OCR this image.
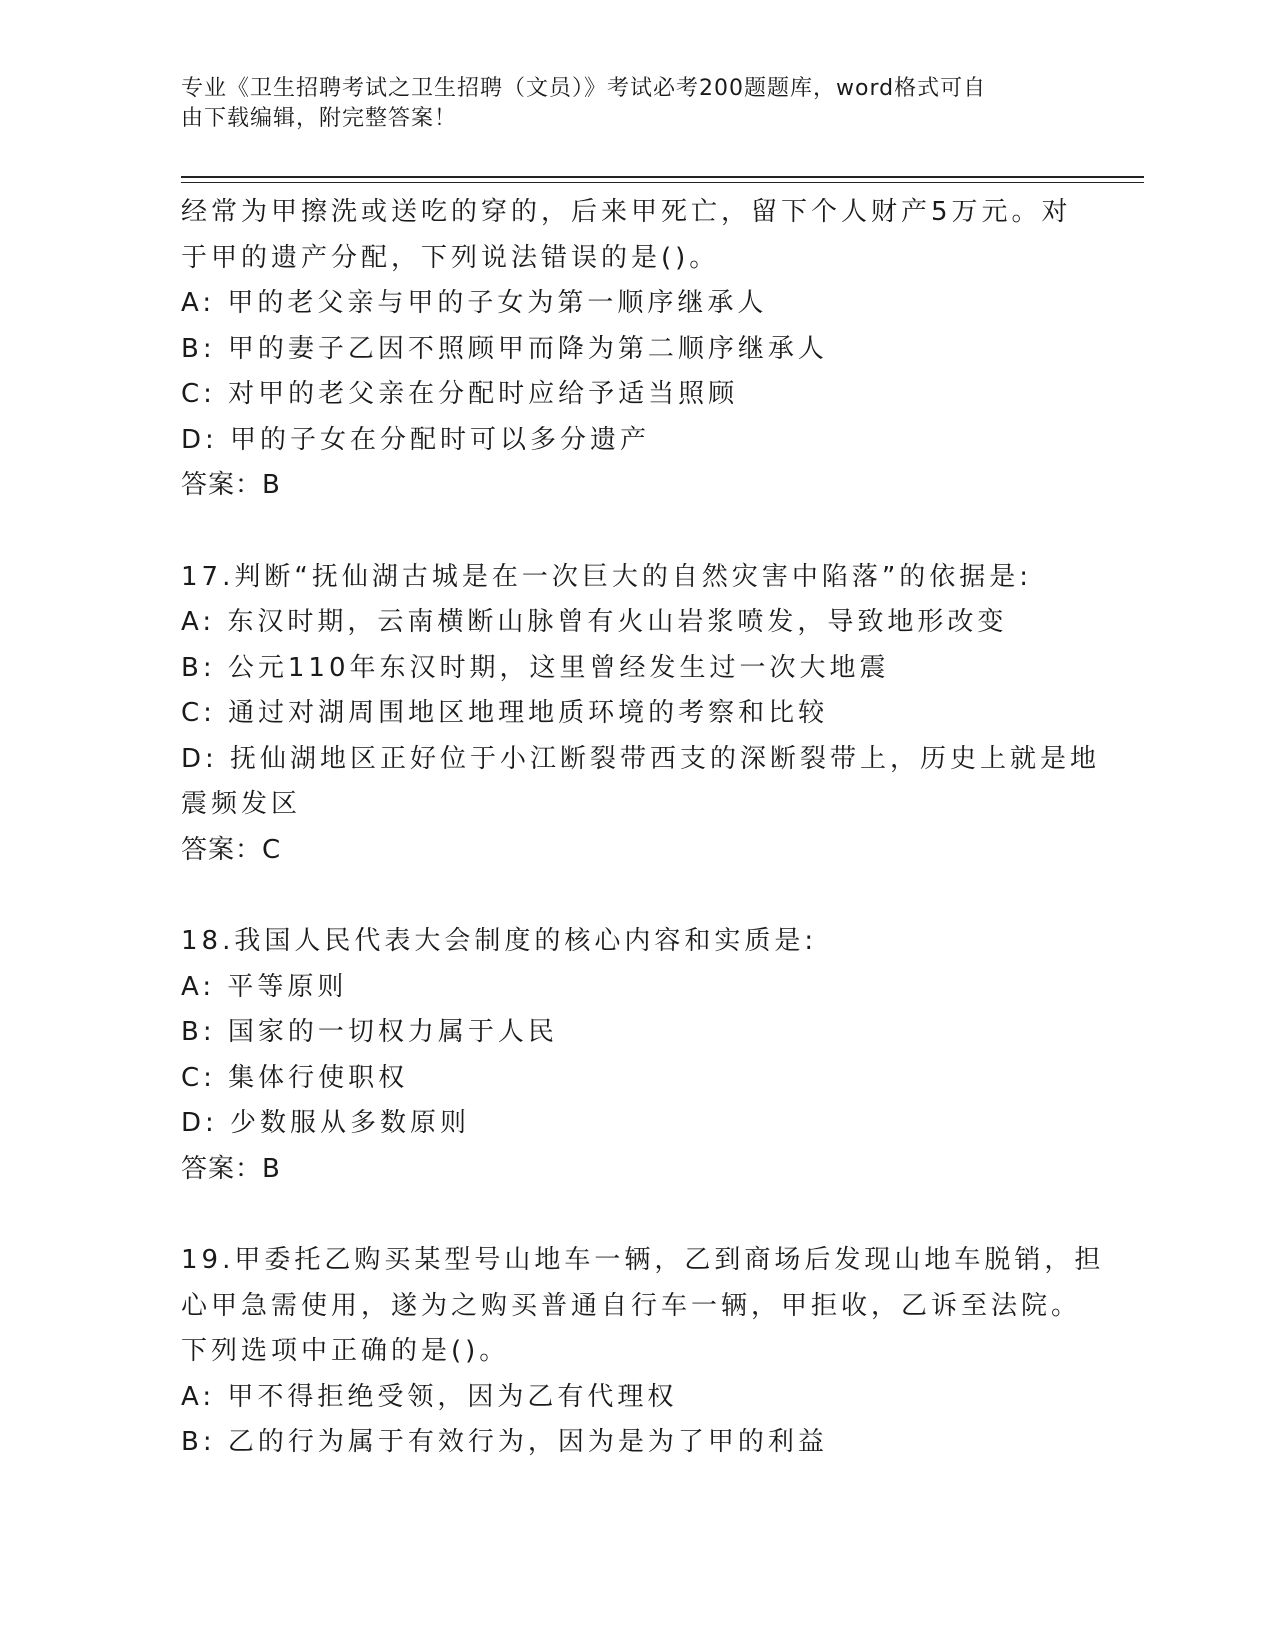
专业《卫生招聘考试之卫生招聘（文员）》考试必考200题题库，word格式可自
由下载编辑，附完整答案！
经常为甲擦洗或送吃的穿的，后来甲死亡，留下个人财产5万元。对
于甲的遗产分配，下列说法错误的是()。
A: 甲的老父亲与甲的子女为第一顺序继承人
B: 甲的妻子乙因不照顾甲而降为第二顺序继承人
C: 对甲的老父亲在分配时应给予适当照顾
D: 甲的子女在分配时可以多分遗产
答案：B
17.判断“抚仙湖古城是在一次巨大的自然灾害中陷落”的依据是:
A: 东汉时期，云南横断山脉曾有火山岩浆喷发，导致地形改变
B: 公元110年东汉时期，这里曾经发生过一次大地震
C: 通过对湖周围地区地理地质环境的考察和比较
D: 抚仙湖地区正好位于小江断裂带西支的深断裂带上，历史上就是地
震频发区
答案：C
18.我国人民代表大会制度的核心内容和实质是:
A: 平等原则
B: 国家的一切权力属于人民
C: 集体行使职权
D: 少数服从多数原则
答案：B
19.甲委托乙购买某型号山地车一辆，乙到商场后发现山地车脱销，担
心甲急需使用，遂为之购买普通自行车一辆，甲拒收，乙诉至法院。
下列选项中正确的是()。
A: 甲不得拒绝受领，因为乙有代理权
B: 乙的行为属于有效行为，因为是为了甲的利益
